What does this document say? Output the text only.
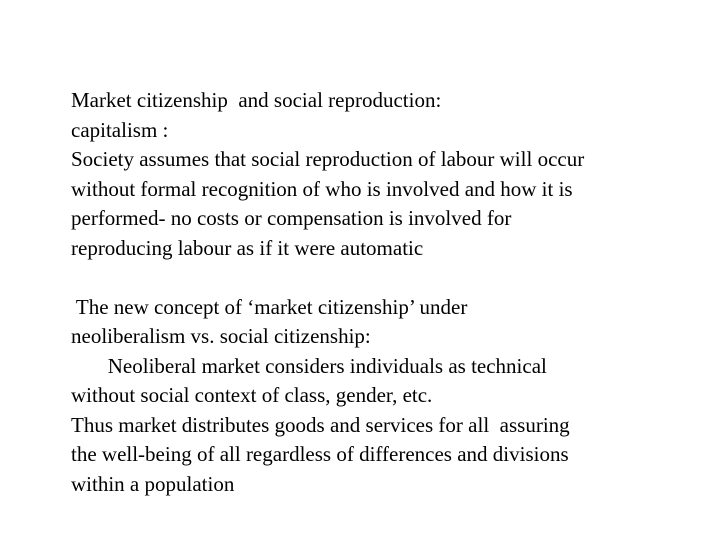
Market citizenship  and social reproduction:
capitalism :
Society assumes that social reproduction of labour will occur
without formal recognition of who is involved and how it is
performed- no costs or compensation is involved for
reproducing labour as if it were automatic
The new concept of ‘market citizenship’ under
neoliberalism vs. social citizenship:
Neoliberal market considers individuals as technical
without social context of class, gender, etc.
Thus market distributes goods and services for all  assuring
the well-being of all regardless of differences and divisions
within a population
